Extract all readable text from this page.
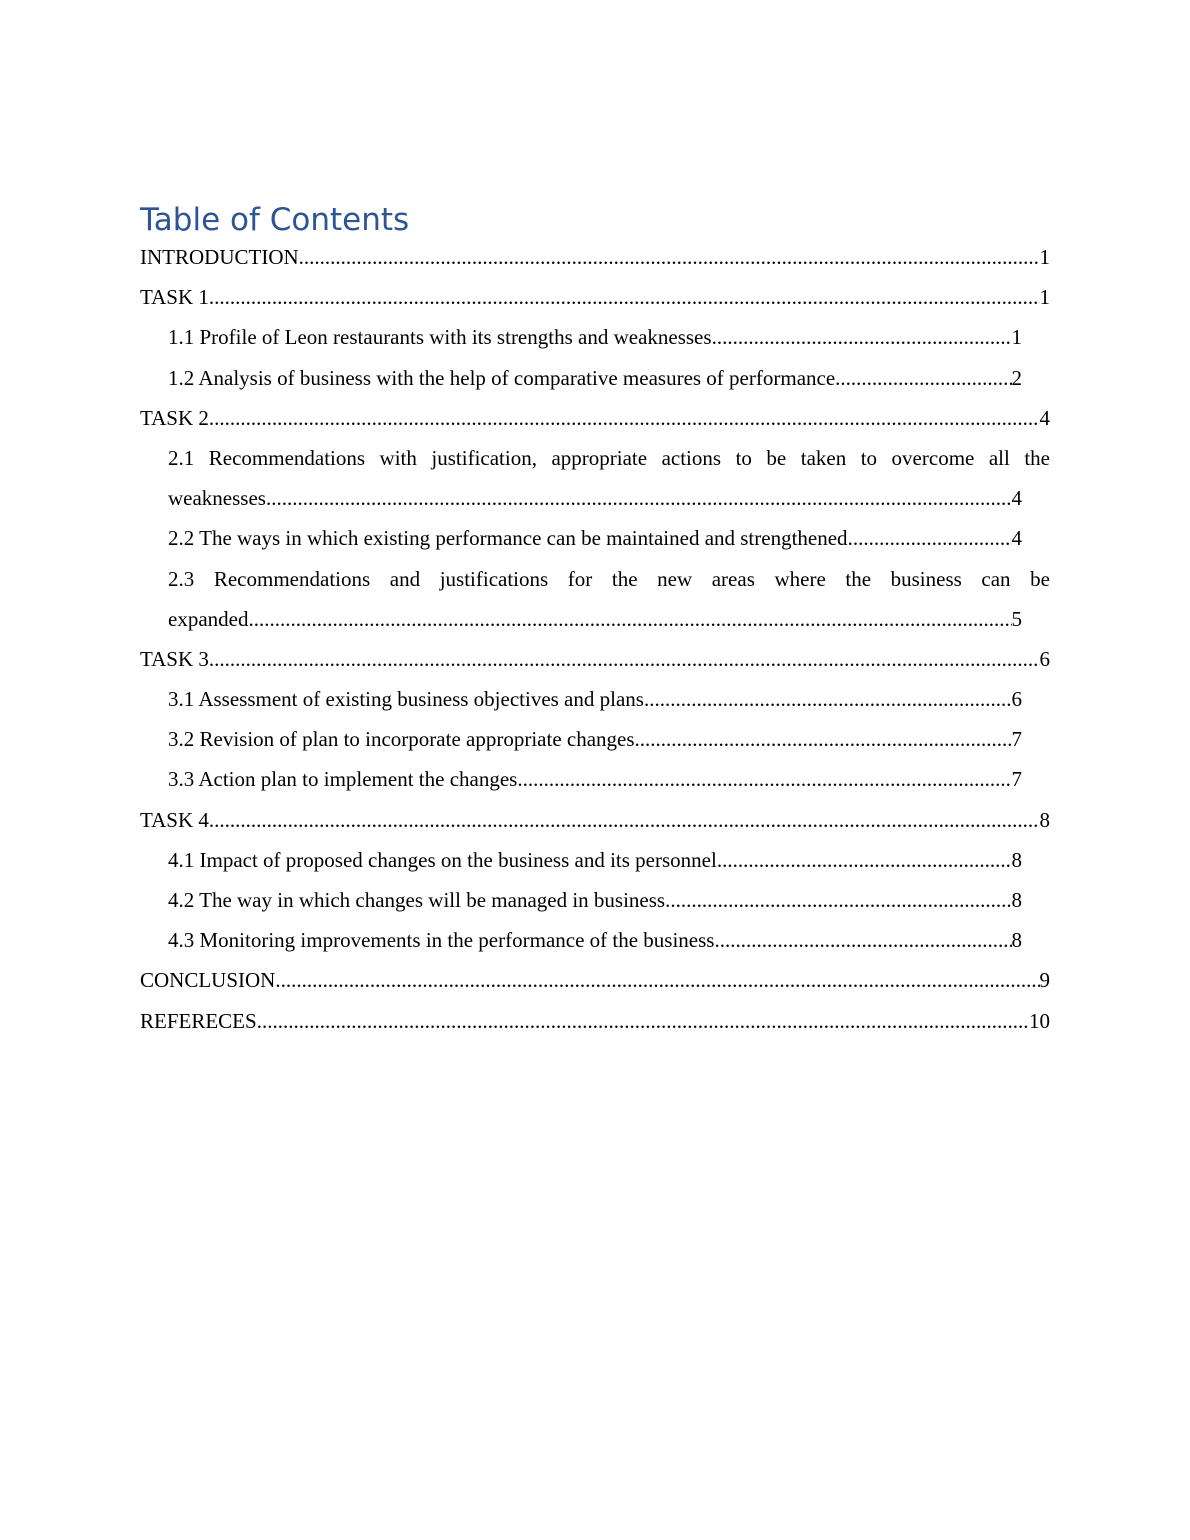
Table of Contents
INTRODUCTION .....	1
TASK 1 .....	1
1.1 Profile of Leon restaurants with its strengths and weaknesses .....	1
1.2 Analysis of business with the help of comparative measures of performance .....	2
TASK 2 .....	4
2.1 Recommendations with justification, appropriate actions to be taken to overcome all the
weaknesses .....	4
2.2 The ways in which existing performance can be maintained and strengthened .....	4
2.3 Recommendations and justifications for the new areas where the business can be
expanded .....	5
TASK 3 .....	6
3.1 Assessment of existing business objectives and plans .....	6
3.2 Revision of plan to incorporate appropriate changes .....	7
3.3 Action plan to implement the changes .....	7
TASK 4 .....	8
4.1 Impact of proposed changes on the business and its personnel .....	8
4.2 The way in which changes will be managed in business .....	8
4.3 Monitoring improvements in the performance of the business .....	8
CONCLUSION .....	9
REFERECES .....	10
